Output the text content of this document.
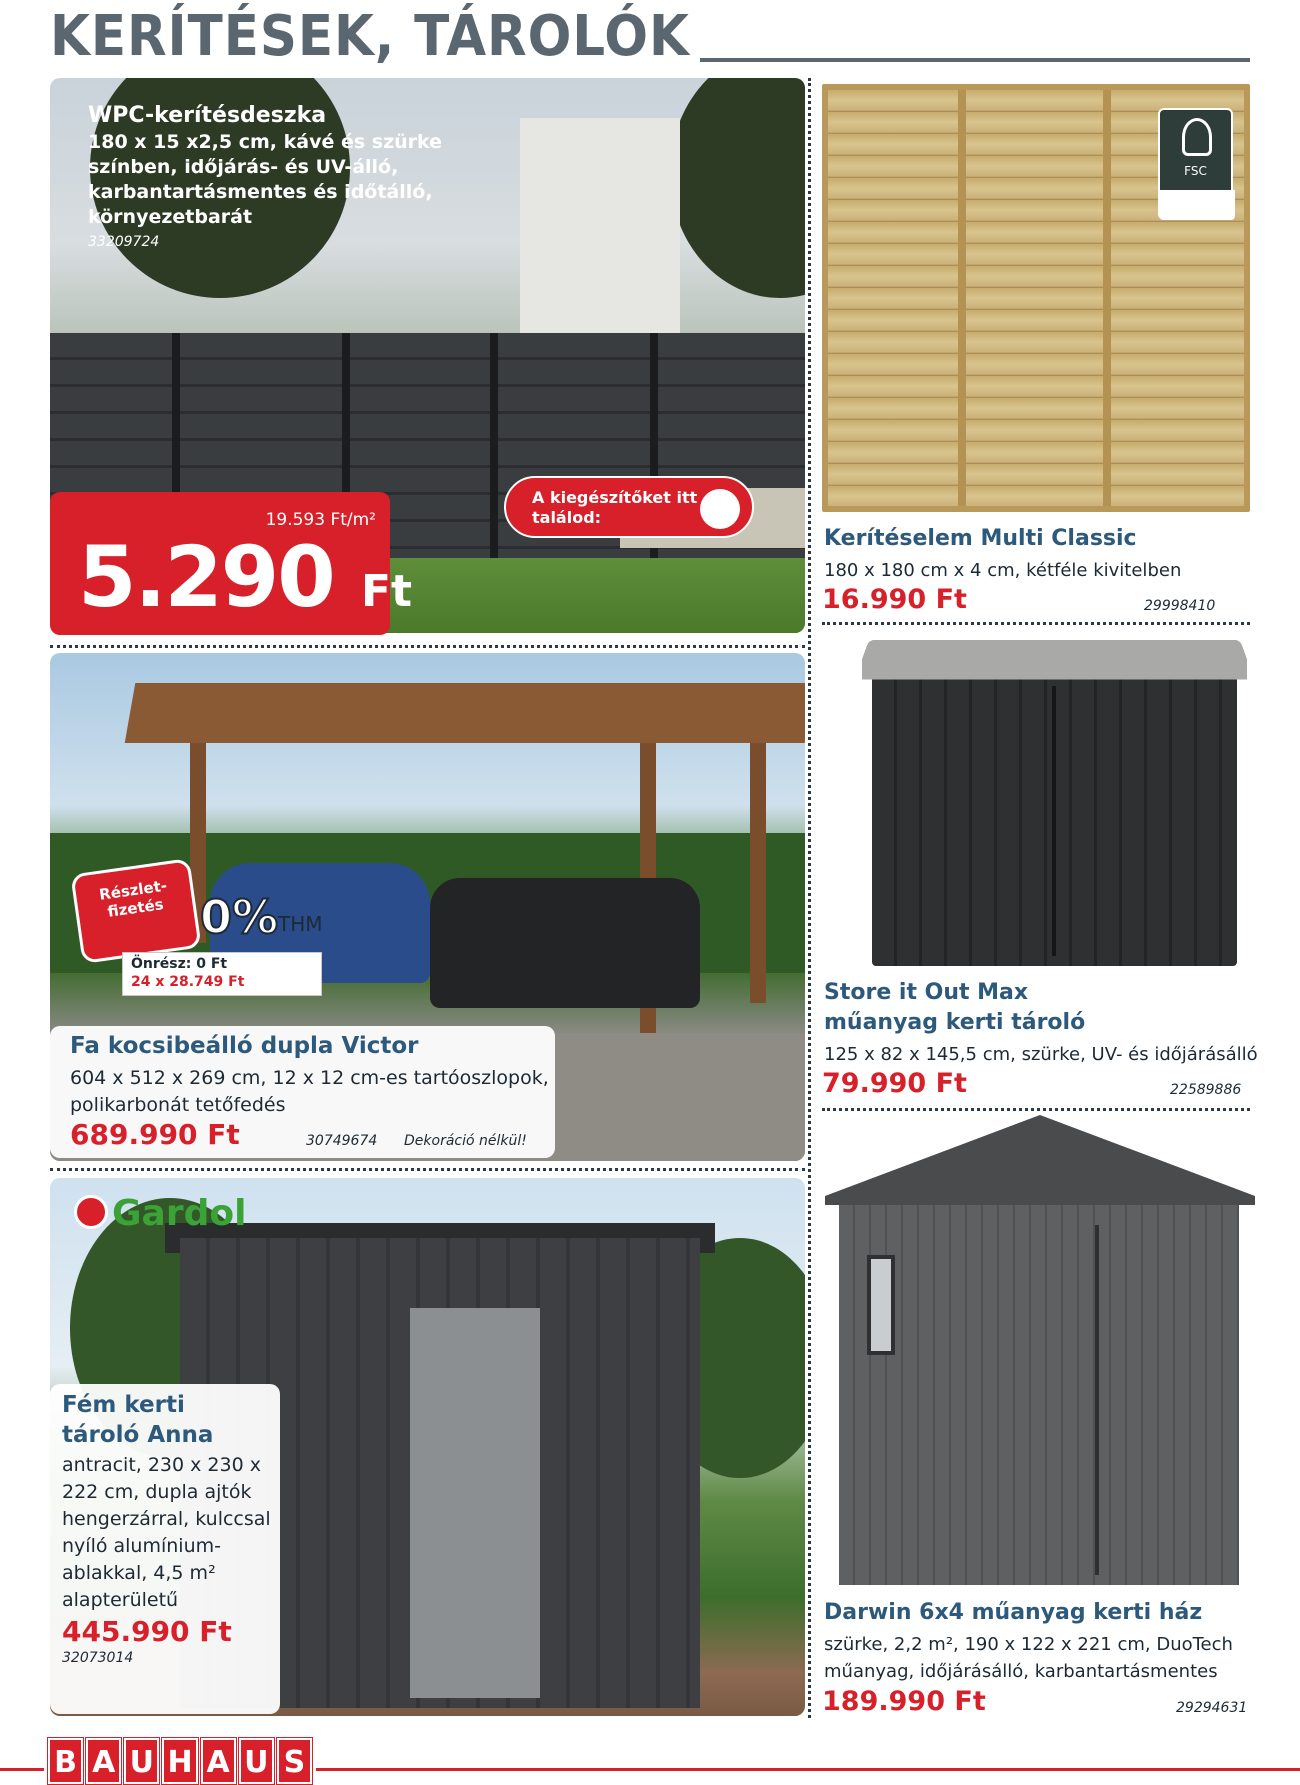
KERÍTÉSEK, TÁROLÓK
WPC-kerítésdeszka
180 x 15 x2,5 cm, kávé és szürke színben, időjárás- és UV-álló, karbantartásmentes és időtálló, környezetbarát
33209724
19.593 Ft/m²
5.290 Ft
A kiegészítőket itt találod:
FSC
Kerítéselem Multi Classic
180 x 180 cm x 4 cm, kétféle kivitelben
16.990 Ft	29998410
Részlet-fizetés 0% THM
Önrész: 0 Ft
24 x 28.749 Ft
Fa kocsibeálló dupla Victor
604 x 512 x 269 cm, 12 x 12 cm-es tartóoszlopok,
polikarbonát tetőfedés
689.990 Ft	30749674 Dekoráció nélkül!
Store it Out Max
műanyag kerti tároló
125 x 82 x 145,5 cm, szürke, UV- és időjárásálló
79.990 Ft	22589886
Gardol
Fém kerti tároló Anna
antracit, 230 x 230 x 222 cm, dupla ajtók hengerzárral, kulccsal nyíló alumínium-ablakkal, 4,5 m² alapterületű
445.990 Ft
32073014
Darwin 6x4 műanyag kerti ház
szürke, 2,2 m², 190 x 122 x 221 cm, DuoTech
műanyag, időjárásálló, karbantartásmentes
189.990 Ft	29294631
B A U H A U S
